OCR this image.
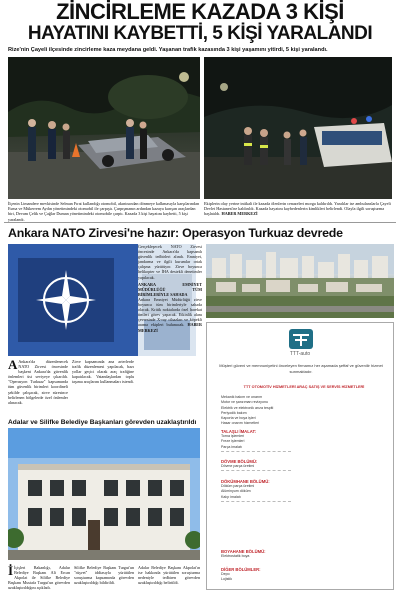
ZİNCİRLEME KAZADA 3 KİŞİ
HAYATINI KAYBETTİ, 5 KİŞİ YARALANDI
Rize'nin Çayeli ilçesinde zincirleme kaza meydana geldi. Yaşanan trafik kazasında 3 kişi yaşamını yitirdi, 5 kişi yaralandı.
İlçenin Limandere mevkisinde Selman Fırat kullandığı otomobil, akıntısından dönmeye kalkmasıyla karşılarından Esma ve Mükerrem Aydın yönetimindeki otomobil ile çarpıştı. Çarpışmanın ardından kazaya karışan araçlardan biri, Devam Çelik ve Çağlar Duman yönetimindeki otomobile çarptı. Kazada 3 kişi hayatını kaybetti, 5 kişi yaralandı.
Ekiplerin olay yerine intikali ile kazada ölenlerin cenazeleri morga kaldırıldı. Yaralılar ise ambulanslarla Çayeli Devlet Hastanesi'ne kaldırıldı. Kazada hayatını kaybedenlerin kimlikleri belirlendi. Olayla ilgili soruşturma başlatıldı. HABER MERKEZİ
Ankara NATO Zirvesi'ne hazır: Operasyon Turkuaz devrede
Gerçekleşecek NATO Zirvesi öncesinde Ankara'da kapsamlı güvenlik tedbirleri alındı. Emniyet, jandarma ve ilgili kurumlar ortak çalışma yürütüyor. Zirve boyunca helikopter ve İHA destekli denetimler yapılacak.
ANKARA EMNİYET MÜDÜRLÜĞÜ TÜM BİRİMLERİYLE SAHADA
Ankara Emniyet Müdürlüğü zirve boyunca tüm birimleriyle sahada olacak. Kritik noktalarda özel harekat timleri görev yapacak. Etkinlik alanı çevresinde X-ray cihazları ve köpekli arama ekipleri bulunacak. HABER MERKEZİ
A Ankara'da düzenlenecek NATO Zirvesi öncesinde başkent Ankara'da güvenlik önlemleri üst seviyeye çıkarıldı. "Operasyon Turkuaz" kapsamında tüm güvenlik birimleri koordineli şekilde çalışacak, zirve süresince belirlenen bölgelerde özel önlemler alınacak.
Zirve kapsamında ana arterlerde trafik düzenlemesi yapılacak, bazı yollar geçici olarak araç trafiğine kapatılacak. Vatandaşlardan toplu taşıma araçlarını kullanmaları istendi.
TTT-auto
Müşteri güveni ve memnuniyetini önceleyen firmamız her aşamada şeffaf ve güvenilir hizmet sunmaktadır.
TTT OTOMOTİV HİZMETLERİ ARAÇ SATIŞ VE SERVİS HİZMETLERİ
Mekanik bakım ve onarım
Motor ve şanzıman revizyonu
Elektrik ve elektronik arıza tespiti
Periyodik bakım
Kaporta ve boya işleri
Hasar onarım hizmetleri
TALAŞLI İMALAT:
Torna işlemleri
Freze işlemleri
Parça imalatı
DÖVME BÖLÜMÜ:
Dövme parça üretimi
DÖKÜMHANE BÖLÜMÜ:
Döküm parça üretimi
Alüminyum döküm
Kalıp imalatı
BOYAHANE BÖLÜMÜ:
Elektrostatik boya
DİĞER BÖLÜMLER:
Depo
Lojistik
Adalar ve Silifke Belediye Başkanları görevden uzaklaştırıldı
İ İçişleri Bakanlığı, Adalar Belediye Başkanı Ali Ercan Akpolat ile Silifke Belediye Başkanı Mustafa Turgut'un görevden uzaklaştırıldığını açıkladı.
Silifke Belediye Başkanı Turgut'un "rüşvet" iddiasıyla yürütülen soruşturma kapsamında görevden uzaklaştırıldığı bildirildi.
Adalar Belediye Başkanı Akpolat'ın ise hakkında yürütülen soruşturma nedeniyle tedbiren görevden uzaklaştırıldığı belirtildi.
